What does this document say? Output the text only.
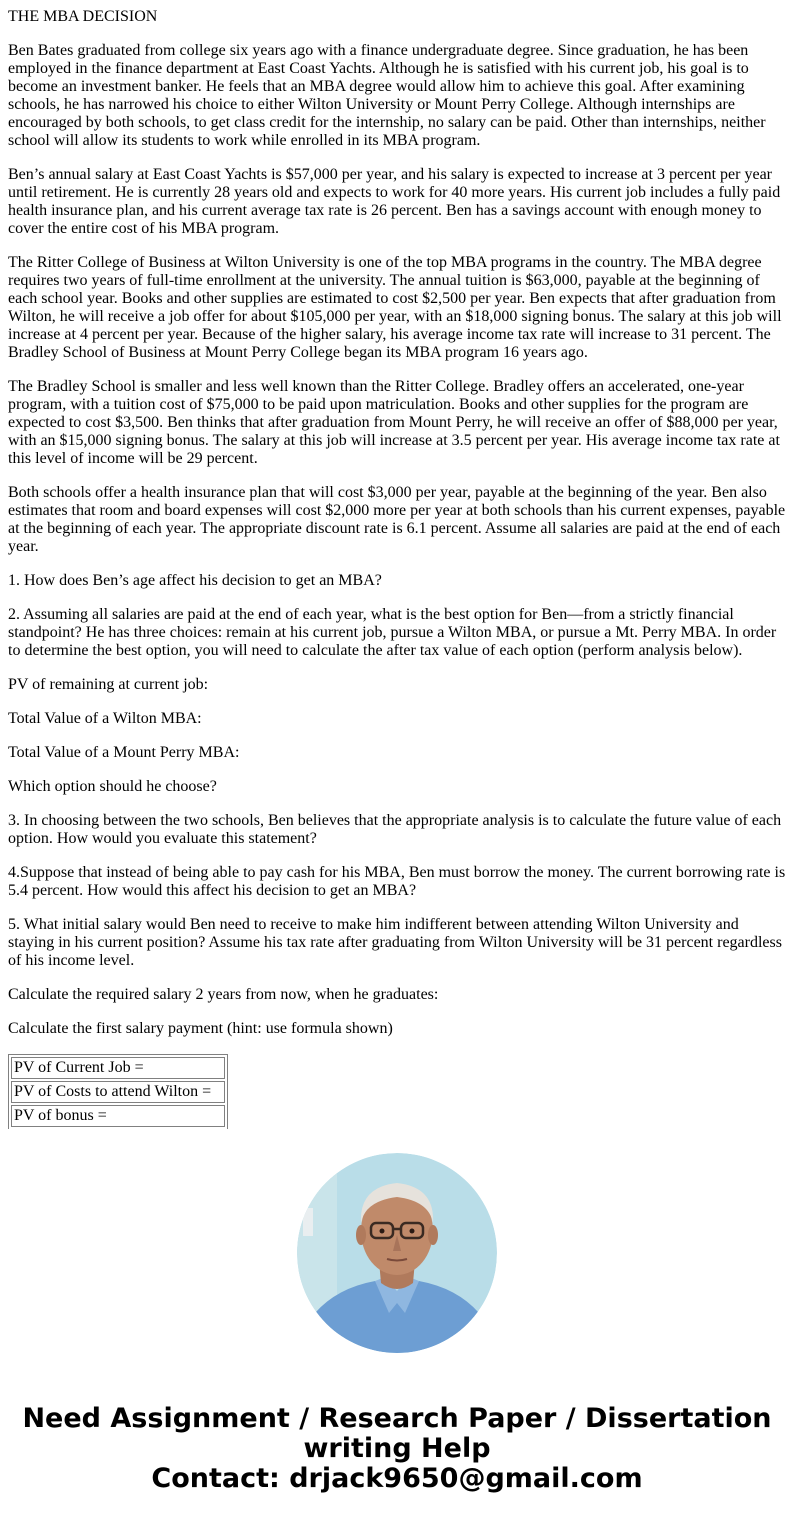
THE MBA DECISION

Ben Bates graduated from college six years ago with a finance undergraduate degree. Since graduation, he has been employed in the finance department at East Coast Yachts. Although he is satisfied with his current job, his goal is to become an investment banker. He feels that an MBA degree would allow him to achieve this goal. After examining schools, he has narrowed his choice to either Wilton University or Mount Perry College. Although internships are encouraged by both schools, to get class credit for the internship, no salary can be paid. Other than internships, neither school will allow its students to work while enrolled in its MBA program.

Ben’s annual salary at East Coast Yachts is $57,000 per year, and his salary is expected to increase at 3 percent per year until retirement. He is currently 28 years old and expects to work for 40 more years. His current job includes a fully paid health insurance plan, and his current average tax rate is 26 percent. Ben has a savings account with enough money to cover the entire cost of his MBA program.

The Ritter College of Business at Wilton University is one of the top MBA programs in the country. The MBA degree requires two years of full-time enrollment at the university. The annual tuition is $63,000, payable at the beginning of each school year. Books and other supplies are estimated to cost $2,500 per year. Ben expects that after graduation from Wilton, he will receive a job offer for about $105,000 per year, with an $18,000 signing bonus. The salary at this job will increase at 4 percent per year. Because of the higher salary, his average income tax rate will increase to 31 percent. The Bradley School of Business at Mount Perry College began its MBA program 16 years ago.

The Bradley School is smaller and less well known than the Ritter College. Bradley offers an accelerated, one-year program, with a tuition cost of $75,000 to be paid upon matriculation. Books and other supplies for the program are expected to cost $3,500. Ben thinks that after graduation from Mount Perry, he will receive an offer of $88,000 per year, with an $15,000 signing bonus. The salary at this job will increase at 3.5 percent per year. His average income tax rate at this level of income will be 29 percent.

Both schools offer a health insurance plan that will cost $3,000 per year, payable at the beginning of the year. Ben also estimates that room and board expenses will cost $2,000 more per year at both schools than his current expenses, payable at the beginning of each year. The appropriate discount rate is 6.1 percent. Assume all salaries are paid at the end of each year.

1. How does Ben’s age affect his decision to get an MBA?

2. Assuming all salaries are paid at the end of each year, what is the best option for Ben—from a strictly financial standpoint? He has three choices: remain at his current job, pursue a Wilton MBA, or pursue a Mt. Perry MBA. In order to determine the best option, you will need to calculate the after tax value of each option (perform analysis below).

PV of remaining at current job:

Total Value of a Wilton MBA:

Total Value of a Mount Perry MBA:

Which option should he choose?

3. In choosing between the two schools, Ben believes that the appropriate analysis is to calculate the future value of each option. How would you evaluate this statement?

4.Suppose that instead of being able to pay cash for his MBA, Ben must borrow the money. The current borrowing rate is 5.4 percent. How would this affect his decision to get an MBA?

5. What initial salary would Ben need to receive to make him indifferent between attending Wilton University and staying in his current position? Assume his tax rate after graduating from Wilton University will be 31 percent regardless of his income level.

Calculate the required salary 2 years from now, when he graduates:

Calculate the first salary payment (hint: use formula shown)

PV of Current Job =
PV of Costs to attend Wilton =
PV of bonus =
Need Assignment / Research Paper / Dissertation
writing Help
Contact: drjack9650@gmail.com
